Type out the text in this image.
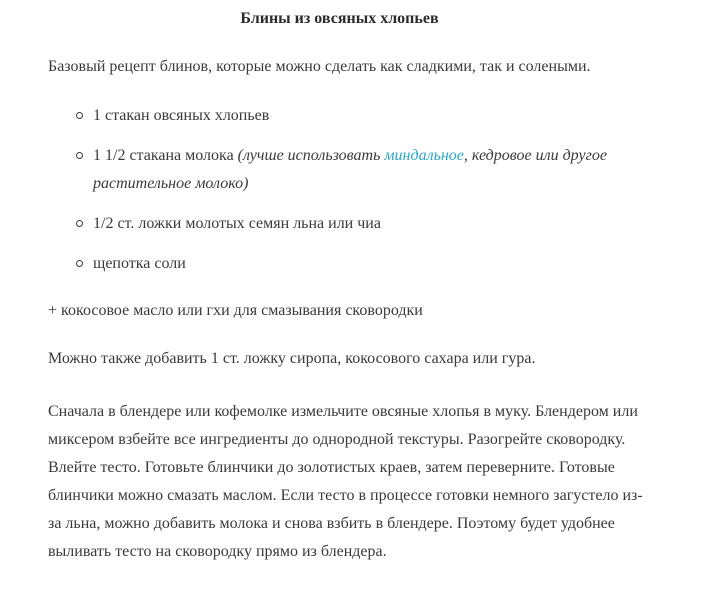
Блины из овсяных хлопьев
Базовый рецепт блинов, которые можно сделать как сладкими, так и солеными.
1 стакан овсяных хлопьев
1 1/2 стакана молока (лучше использовать миндальное, кедровое или другое растительное молоко)
1/2 ст. ложки молотых семян льна или чиа
щепотка соли
+ кокосовое масло или гхи для смазывания сковородки
Можно также добавить 1 ст. ложку сиропа, кокосового сахара или гура.
Сначала в блендере или кофемолке измельчите овсяные хлопья в муку. Блендером или миксером взбейте все ингредиенты до однородной текстуры. Разогрейте сковородку. Влейте тесто. Готовьте блинчики до золотистых краев, затем переверните. Готовые блинчики можно смазать маслом. Если тесто в процессе готовки немного загустело из-за льна, можно добавить молока и снова взбить в блендере. Поэтому будет удобнее выливать тесто на сковородку прямо из блендера.
